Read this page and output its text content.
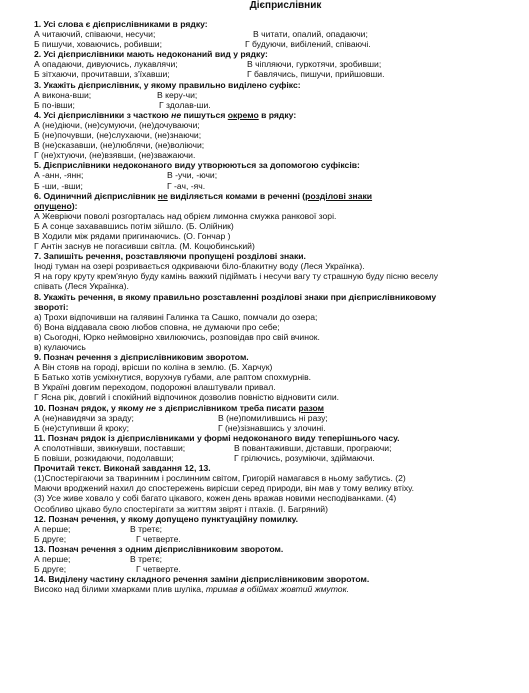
Дієприслівник
1. Усі слова є дієприслівниками в рядку:
А читаючий, співаючи, несучи;	В читати, опалий, опадаючи;
Б пишучи, ховаючись, робивши;	Г будуючи, вибілений, співаючі.
2. Усі дієприслівники мають недоконаний вид у рядку:
А опадаючи, дивуючись, лукавлячи;	В чіпляючи, гуркотячи, зробивши;
Б зітхаючи, прочитавши, з'їхавши;	Г бавлячись, пишучи, прийшовши.
3. Укажіть дієприслівник, у якому правильно виділено суфікс:
А викона-вши;	В керу-чи;
Б по-івши;	Г здолав-ши.
4. Усі дієприслівники з часткою не пишуться окремо в рядку:
А (не)діючи, (не)сумуючи, (не)дочуваючи;
Б (не)почувши, (не)слухаючи, (не)знаючи;
В (не)сказавши, (не)люблячи, (не)воліючи;
Г (не)хтуючи, (не)взявши, (не)зважаючи.
5. Дієприслівники недоконаного виду утворюються за допомогою суфіксів:
А -анн, -янн;	В -учи, -ючи;
Б -ши, -вши;	Г -ач, -яч.
6. Одиничний дієприслівник не виділяється комами в реченні (розділові знаки
опущено):
А Жевріючи поволі розгорталась над обрієм лимонна смужка ранкової зорі.
Б А сонце захававшись потім зійшло. (Б. Олійник)
В Ходили між рядами пригинаючись. (О. Гончар )
Г Антін заснув не погасивши світла. (М. Коцюбинський)
7. Запишіть речення, розставляючи пропущені розділові знаки.
Іноді туман на озері розривається одкриваючи біло-блакитну воду (Леся Українка).
Я на гору круту крем'яную буду камінь важкий підіймать і несучи вагу ту страшную буду пісню веселу
співать (Леся Українка).
8. Укажіть речення, в якому правильно розставленні розділові знаки при дієприслівниковому
звороті:
а) Трохи відпочивши на галявині Галинка та Сашко, помчали до озера;
б) Вона віддавала свою любов сповна, не думаючи про себе;
в) Сьогодні, Юрко неймовірно хвилюючись, розповідав про свій вчинок.
в) кулаючись
9. Познач речення з дієприслівниковим зворотом.
А Він стояв на городі, врісши по коліна в землю. (Б. Харчук)
Б Батько хотів усміхнутися, ворухнув губами, але раптом спохмурнів.
В Україні довгим переходом, подорожні влаштували привал.
Г Ясна рік, довгий і спокійний відпочинок дозволив повністю відновити сили.
10. Познач рядок, у якому не з дієприслівником треба писати разом
А (не)навидячи за зраду;	В (не)помилившись ні разу;
Б (не)ступивши й кроку;	Г (не)зізнавшись у злочині.
11. Познач рядок із дієприслівниками у формі недоконаного виду теперішнього часу.
А сполотнівши, звикнувши, поставши;	В повантаживши, діставши, програючи;
Б повіши, розкидаючи, подолавши;	Г грілючись, розуміючи, здіймаючи.
Прочитай текст. Виконай завдання 12, 13.
(1)Спостерігаючи за тваринним і рослинним світом, Григорій намагався в ньому забутись. (2)
Маючи вроджений нахил до спостережень вирісши серед природи, він мав у тому велику втіху.
(3) Усе живе ховало у собі багато цікавого, кожен день вражав новими несподіванками. (4)
Особливо цікаво було спостерігати за життям звірят і птахів. (І. Багряний)
12. Познач речення, у якому допущено пунктуаційну помилку.
А перше;	В третє;
Б друге;	Г четверте.
13. Познач речення з одним дієприслівниковим зворотом.
А перше;	В третє;
Б друге;	Г четверте.
14. Виділену частину складного речення заміни дієприслівниковим зворотом.
Високо над білими хмарками плив шуліка, тримав в обіймах жовтий жмуток.
